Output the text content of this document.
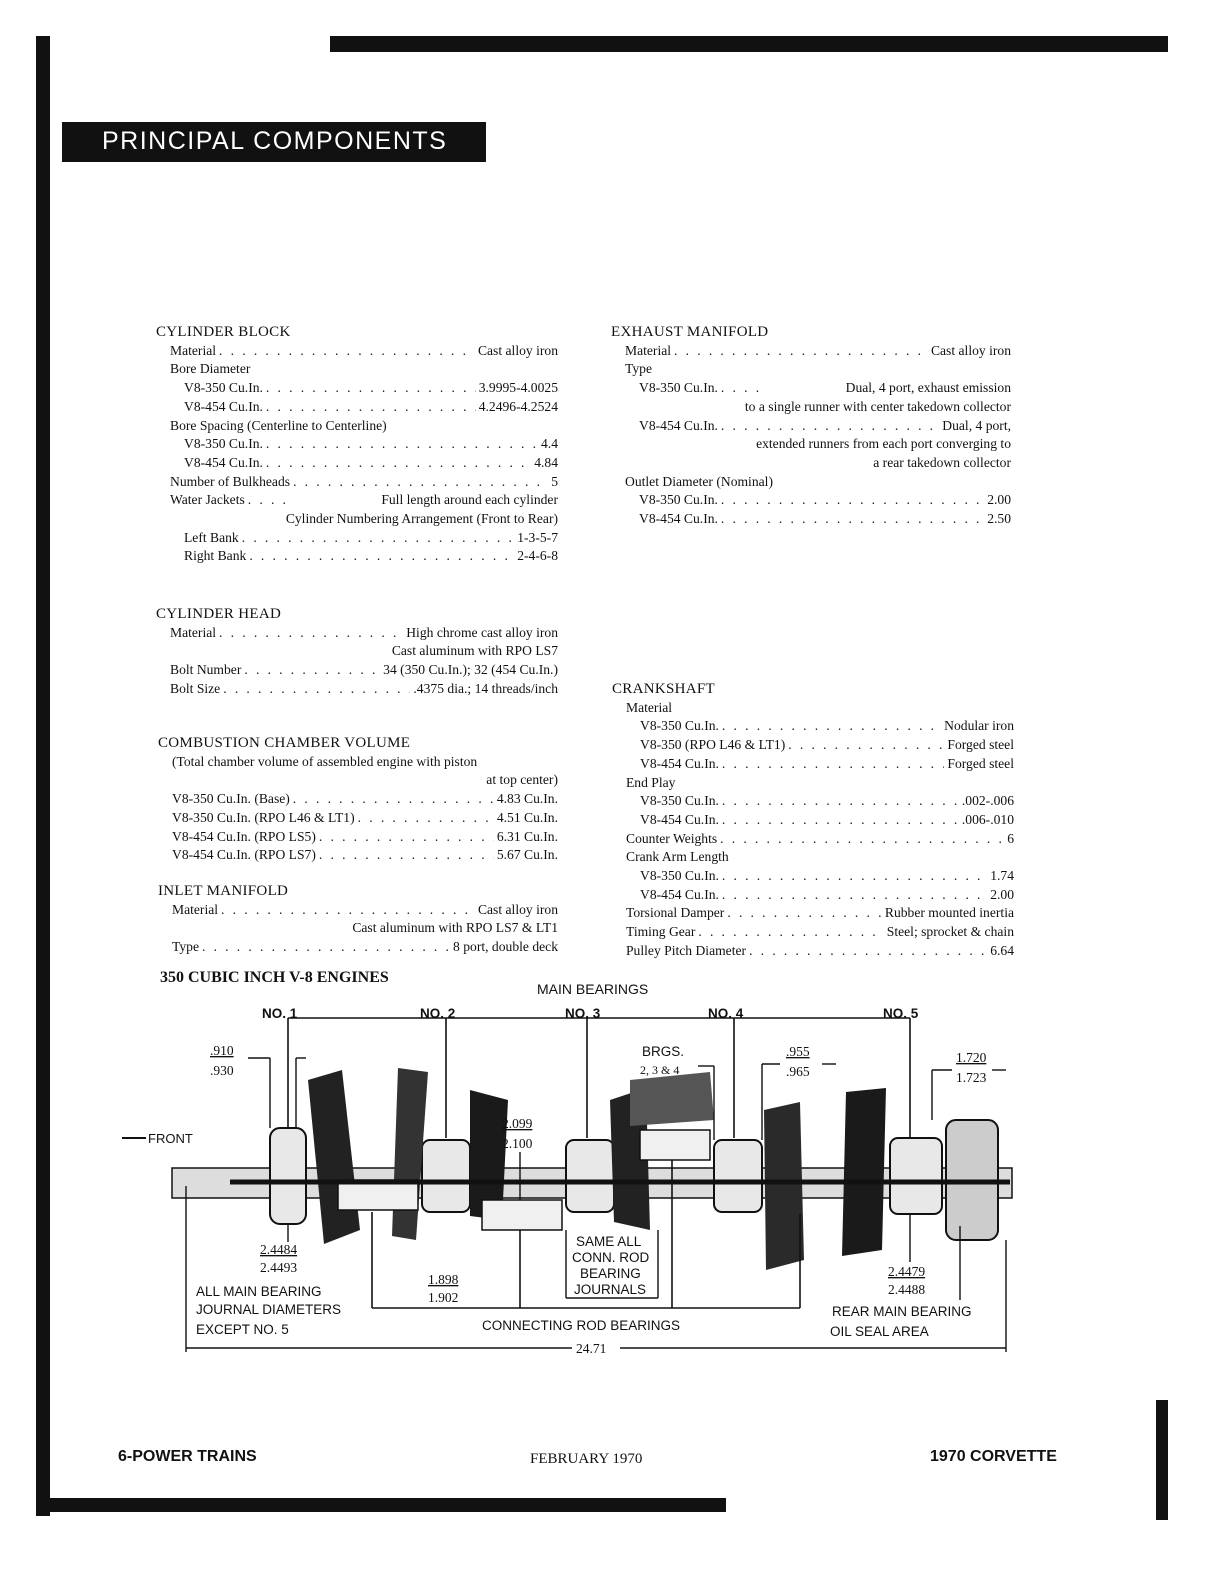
PRINCIPAL COMPONENTS
CYLINDER BLOCK
Material . . .	Cast alloy iron
Bore Diameter
V8-350 Cu.In. . . .	3.9995-4.0025
V8-454 Cu.In. . . .	4.2496-4.2524
Bore Spacing (Centerline to Centerline)
V8-350 Cu.In. . . .	4.4
V8-454 Cu.In. . . .	4.84
Number of Bulkheads . . .	5
Water Jackets . . .	Full length around each cylinder
Cylinder Numbering Arrangement (Front to Rear)
Left Bank . . .	1-3-5-7
Right Bank . . .	2-4-6-8
CYLINDER HEAD
Material . . .	High chrome cast alloy iron
Cast aluminum with RPO LS7
Bolt Number . . .	34 (350 Cu.In.); 32 (454 Cu.In.)
Bolt Size . . .	.4375 dia.; 14 threads/inch
COMBUSTION CHAMBER VOLUME
(Total chamber volume of assembled engine with piston
at top center)
V8-350 Cu.In. (Base) . . .	4.83 Cu.In.
V8-350 Cu.In. (RPO L46 & LT1) . . .	4.51 Cu.In.
V8-454 Cu.In. (RPO LS5) . . .	6.31 Cu.In.
V8-454 Cu.In. (RPO LS7) . . .	5.67 Cu.In.
INLET MANIFOLD
Material . . .	Cast alloy iron
Cast aluminum with RPO LS7 & LT1
Type . . .	8 port, double deck
EXHAUST MANIFOLD
Material . . .	Cast alloy iron
Type
V8-350 Cu.In. . . .	Dual, 4 port, exhaust emission
to a single runner with center takedown collector
V8-454 Cu.In. . . .	Dual, 4 port,
extended runners from each port converging to
a rear takedown collector
Outlet Diameter (Nominal)
V8-350 Cu.In. . . .	2.00
V8-454 Cu.In. . . .	2.50
CRANKSHAFT
Material
V8-350 Cu.In. . . .	Nodular iron
V8-350 (RPO L46 & LT1) . . .	Forged steel
V8-454 Cu.In. . . .	Forged steel
End Play
V8-350 Cu.In. . . .	.002-.006
V8-454 Cu.In. . . .	.006-.010
Counter Weights . . .	6
Crank Arm Length
V8-350 Cu.In. . . .	1.74
V8-454 Cu.In. . . .	2.00
Torsional Damper . . .	Rubber mounted inertia
Timing Gear . . .	Steel; sprocket & chain
Pulley Pitch Diameter . . .	6.64
350 CUBIC INCH V-8 ENGINES
MAIN BEARINGS
NO. 1	NO. 2	NO. 3	NO. 4	NO. 5
FRONT
.910
.930
BRGS.
2, 3 & 4
.955
.965
1.720
1.723
2.099
2.100
2.4484
2.4493
1.898
1.902
SAME ALL
CONN. ROD
BEARING
JOURNALS
2.4479
2.4488
ALL MAIN BEARING
JOURNAL DIAMETERS
EXCEPT NO. 5	CONNECTING ROD BEARINGS
REAR MAIN BEARING
OIL SEAL AREA
24.71
6-POWER TRAINS	FEBRUARY 1970	1970 CORVETTE
